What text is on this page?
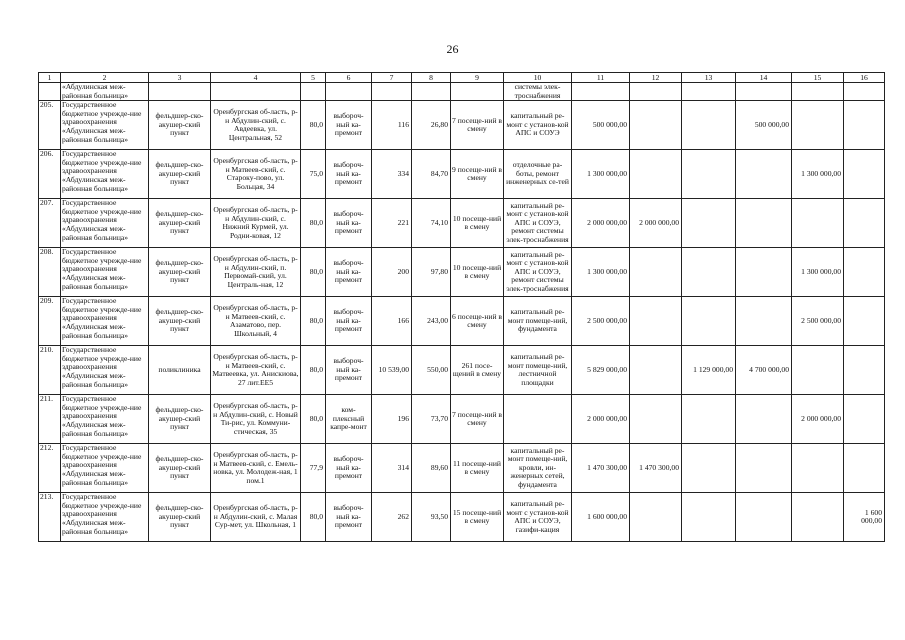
26
1	2	3	4	5	6	7	8	9	10	11	12	13	14	15	16
	«Абдулинская меж-районная больница»								системы элек-троснабжения						
205.	Государственное бюджетное учрежде-ние здравоохранения «Абдулинская меж-районная больница»	фельдшер-ско-акушер-ский пункт	Оренбургская об-ласть, р-н Абдулин-ский, с. Авдеевка, ул. Центральная, 52	80,0	выбороч-ный ка-премонт	116	26,80	7 посеще-ний в смену	капитальный ре-монт с установ-кой АПС и СОУЭ	500 000,00			500 000,00		
206.	Государственное бюджетное учрежде-ние здравоохранения «Абдулинская меж-районная больница»	фельдшер-ско-акушер-ский пункт	Оренбургская об-ласть, р-н Матвеев-ский, с. Староку-пово, ул. Больцая, 34	75,0	выбороч-ный ка-премонт	334	84,70	9 посеще-ний в смену	отделочные ра-боты, ремонт инженерных се-тей	1 300 000,00				1 300 000,00	
207.	Государственное бюджетное учрежде-ние здравоохранения «Абдулинская меж-районная больница»	фельдшер-ско-акушер-ский пункт	Оренбургская об-ласть, р-н Абдулин-ский, с. Нижний Курмей, ул. Родни-ковая, 12	80,0	выбороч-ный ка-премонт	221	74,10	10 посеще-ний в смену	капитальный ре-монт с установ-кой АПС и СОУЭ, ремонт системы элек-троснабжения	2 000 000,00	2 000 000,00				
208.	Государственное бюджетное учрежде-ние здравоохранения «Абдулинская меж-районная больница»	фельдшер-ско-акушер-ский пункт	Оренбургская об-ласть, р-н Абдулин-ский, п. Первомай-ский, ул. Централь-ная, 12	80,0	выбороч-ный ка-премонт	200	97,80	10 посеще-ний в смену	капитальный ре-монт с установ-кой АПС и СОУЭ, ремонт системы элек-троснабжения	1 300 000,00				1 300 000,00	
209.	Государственное бюджетное учрежде-ние здравоохранения «Абдулинская меж-районная больница»	фельдшер-ско-акушер-ский пункт	Оренбургская об-ласть, р-н Матвеев-ский, с. Азаматово, пер. Школьный, 4	80,0	выбороч-ный ка-премонт	166	243,00	6 посеще-ний в смену	капитальный ре-монт помеще-ний, фундамента	2 500 000,00				2 500 000,00	
210.	Государственное бюджетное учрежде-ние здравоохранения «Абдулинская меж-районная больница»	поликлиника	Оренбургская об-ласть, р-н Матвеев-ский, с. Матвеевка, ул. Анискиова, 27 лит.ЕЕ5	80,0	выбороч-ный ка-премонт	10 539,00	550,00	261 посе-щений в смену	капитальный ре-монт помеще-ний, лестничной площадки	5 829 000,00		1 129 000,00	4 700 000,00		
211.	Государственное бюджетное учрежде-ние здравоохранения «Абдулинская меж-районная больница»	фельдшер-ско-акушер-ский пункт	Оренбургская об-ласть, р-н Абдулин-ский, с. Новый Ти-рис, ул. Коммуни-стическая, 35	80,0	ком-плексный капре-монт	196	73,70	7 посеще-ний в смену		2 000 000,00				2 000 000,00	
212.	Государственное бюджетное учрежде-ние здравоохранения «Абдулинская меж-районная больница»	фельдшер-ско-акушер-ский пункт	Оренбургская об-ласть, р-н Матвеев-ский, с. Емель-новка, ул. Молодеж-ная, 1 пом.1	77,9	выбороч-ный ка-премонт	314	89,60	11 посеще-ний в смену	капитальный ре-монт помеще-ний, кровли, ин-женерных сетей, фундамента	1 470 300,00	1 470 300,00				
213.	Государственное бюджетное учрежде-ние здравоохранения «Абдулинская меж-районная больница»	фельдшер-ско-акушер-ский пункт	Оренбургская об-ласть, р-н Абдулин-ский, с. Малая Сур-мет, ул. Школьная, 1	80,0	выбороч-ный ка-премонт	262	93,50	15 посеще-ний в смену	капитальный ре-монт с установ-кой АПС и СОУЭ, газифи-кация	1 600 000,00					1 600 000,00
